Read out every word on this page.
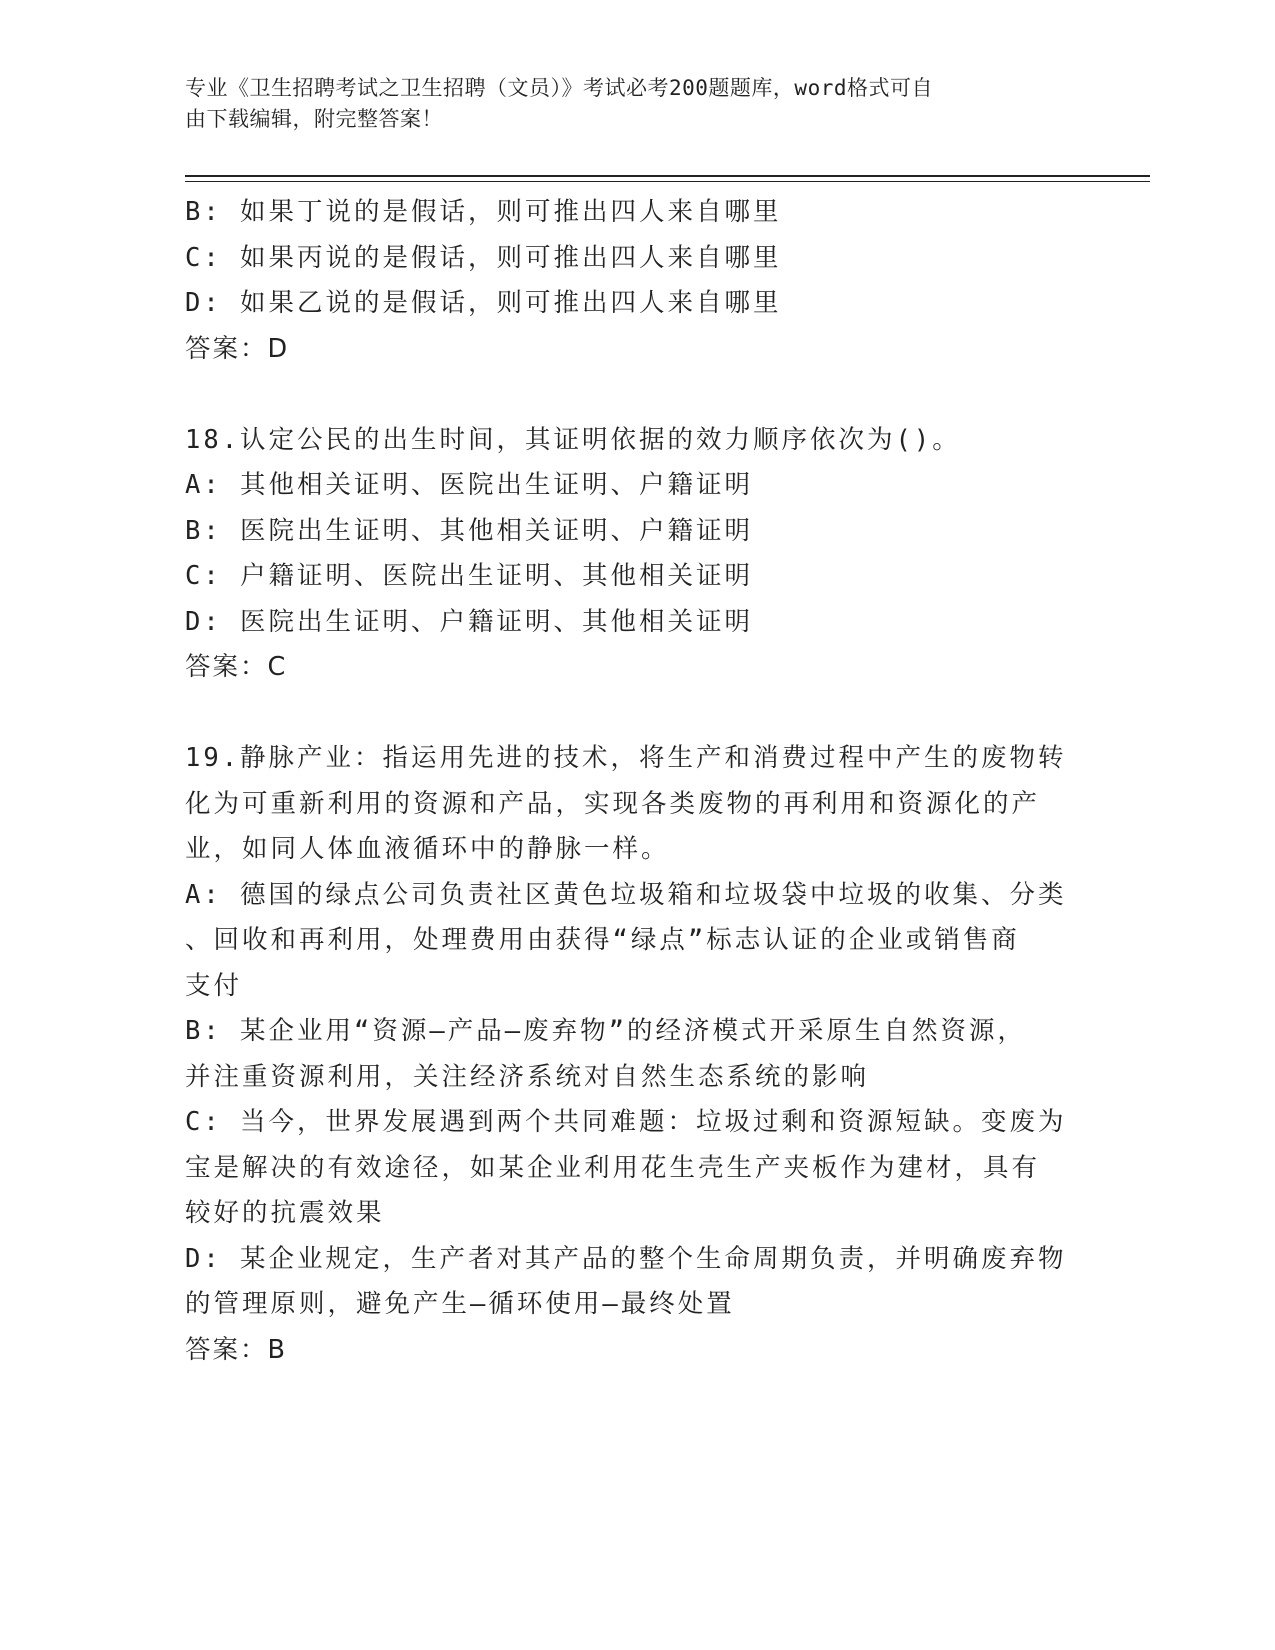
专业《卫生招聘考试之卫生招聘（文员）》考试必考200题题库，word格式可自
由下载编辑，附完整答案！
B: 如果丁说的是假话，则可推出四人来自哪里
C: 如果丙说的是假话，则可推出四人来自哪里
D: 如果乙说的是假话，则可推出四人来自哪里
答案：D
18.认定公民的出生时间，其证明依据的效力顺序依次为()。
A: 其他相关证明、医院出生证明、户籍证明
B: 医院出生证明、其他相关证明、户籍证明
C: 户籍证明、医院出生证明、其他相关证明
D: 医院出生证明、户籍证明、其他相关证明
答案：C
19.静脉产业：指运用先进的技术，将生产和消费过程中产生的废物转
化为可重新利用的资源和产品，实现各类废物的再利用和资源化的产
业，如同人体血液循环中的静脉一样。
A: 德国的绿点公司负责社区黄色垃圾箱和垃圾袋中垃圾的收集、分类
、回收和再利用，处理费用由获得“绿点”标志认证的企业或销售商
支付
B: 某企业用“资源—产品—废弃物”的经济模式开采原生自然资源，
并注重资源利用，关注经济系统对自然生态系统的影响
C: 当今，世界发展遇到两个共同难题：垃圾过剩和资源短缺。变废为
宝是解决的有效途径，如某企业利用花生壳生产夹板作为建材，具有
较好的抗震效果
D: 某企业规定，生产者对其产品的整个生命周期负责，并明确废弃物
的管理原则，避免产生—循环使用—最终处置
答案：B
